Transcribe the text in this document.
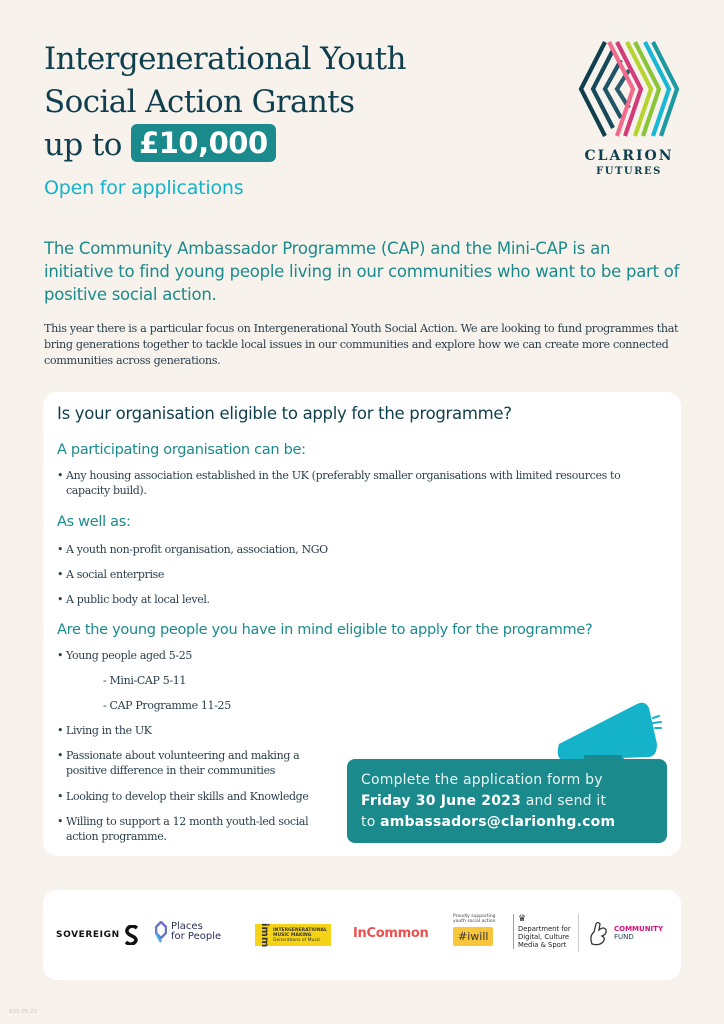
Intergenerational Youth
Social Action Grants
up to £10,000
Open for applications
CLARION
FUTURES
The Community Ambassador Programme (CAP) and the Mini-CAP is an initiative to find young people living in our communities who want to be part of positive social action.
This year there is a particular focus on Intergenerational Youth Social Action. We are looking to fund programmes that bring generations together to tackle local issues in our communities and explore how we can create more connected communities across generations.
Is your organisation eligible to apply for the programme?
A participating organisation can be:
• Any housing association established in the UK (preferably smaller organisations with limited resources to
capacity build).
As well as:
• A youth non-profit organisation, association, NGO
• A social enterprise
• A public body at local level.
Are the young people you have in mind eligible to apply for the programme?
• Young people aged 5-25
- Mini-CAP 5-11
- CAP Programme 11-25
• Living in the UK
• Passionate about volunteering and making a
positive difference in their communities
• Looking to develop their skills and Knowledge
• Willing to support a 12 month youth-led social
action programme.
Complete the application form by
Friday 30 June 2023 and send it
to ambassadors@clarionhg.com
SOVEREIGN
Places
for People	imm INTERGENERATIONAL
MUSIC MAKING
Generations of Music	InCommon
Proudly supporting
youth social action
#iwill
♛
Department for
Digital, Culture
Media & Sport
COMMUNITY
FUND
835.05.23
